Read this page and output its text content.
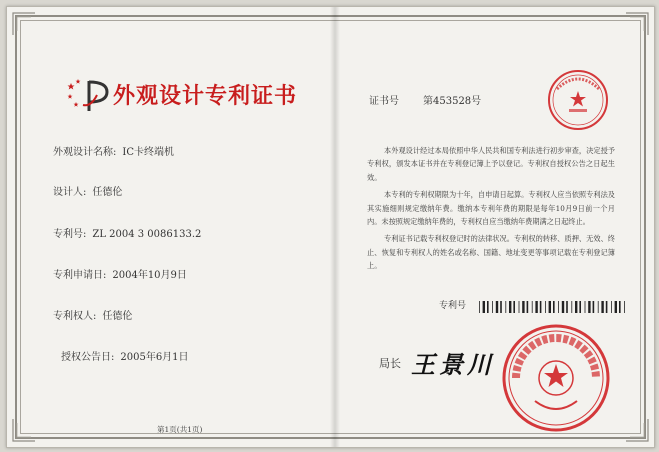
外观设计专利证书
外观设计名称: IC卡终端机
设计人: 任德伦
专利号: ZL 2004 3 0086133.2
专利申请日: 2004年10月9日
专利权人: 任德伦
授权公告日: 2005年6月1日
第1页(共1页)
证书号 第453528号

本外观设计经过本局依照中华人民共和国专利法进行初步审查，决定授予专利权，颁发本证书并在专利登记簿上予以登记。专利权自授权公告之日起生效。

本专利的专利权期限为十年，自申请日起算。专利权人应当依照专利法及其实施细则规定缴纳年费。缴纳本专利年费的期限是每年10月9日前一个月内。未按照规定缴纳年费的，专利权自应当缴纳年费期满之日起终止。

专利证书记载专利权登记时的法律状况。专利权的转移、质押、无效、终止、恢复和专利权人的姓名或名称、国籍、地址变更等事项记载在专利登记簿上。

专利号
局长 王景川
